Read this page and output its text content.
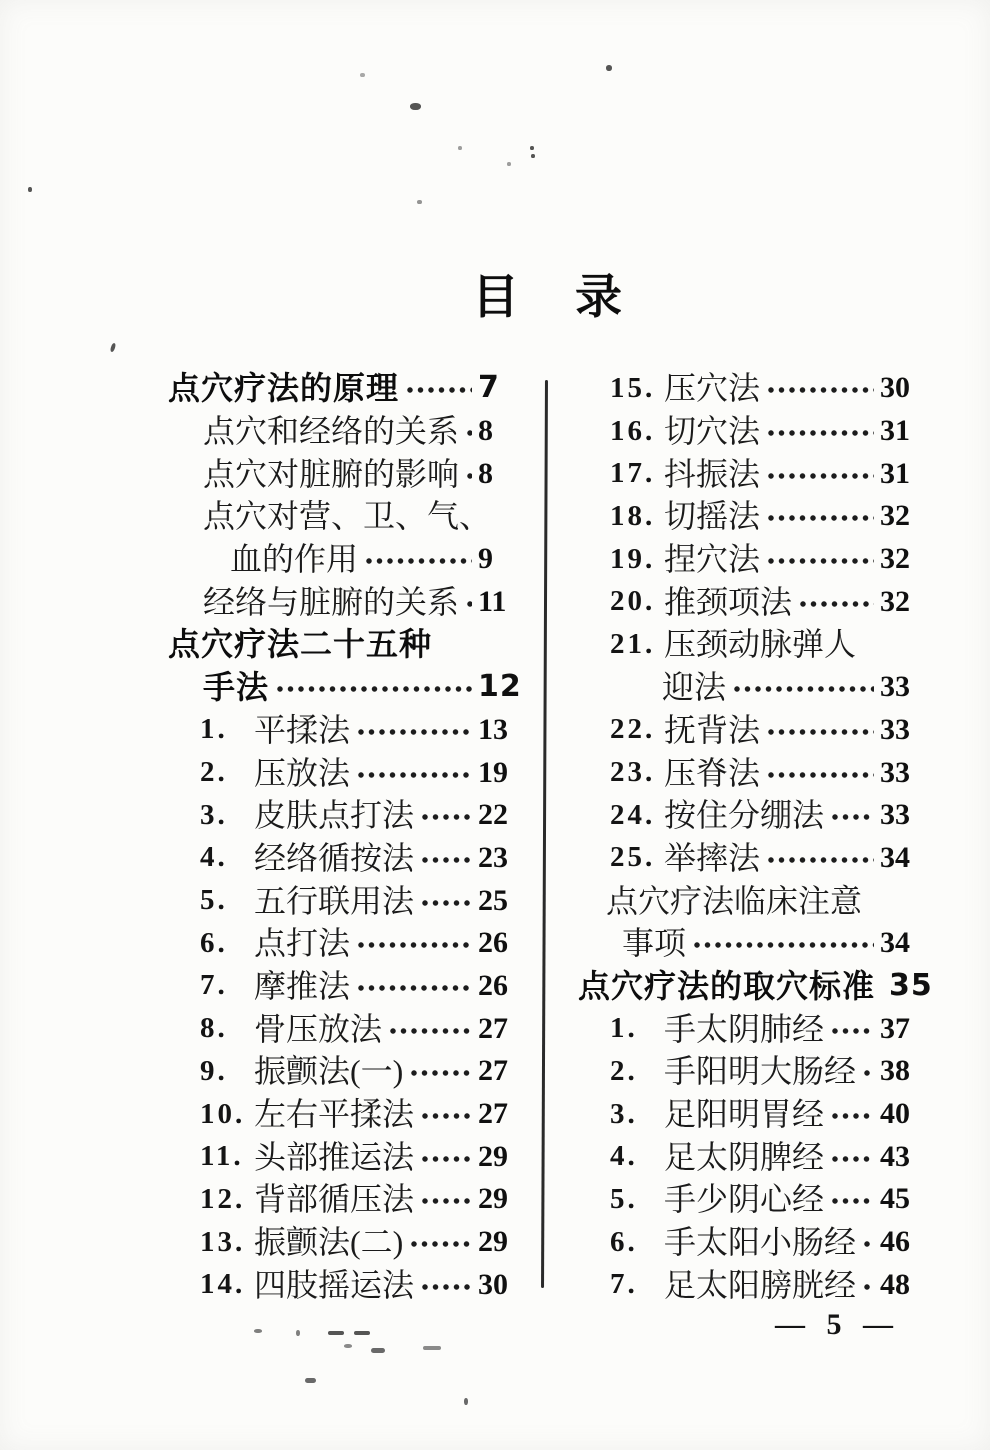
目 录
点穴疗法的原理	7
点穴和经络的关系 8
点穴对脏腑的影响 8
点穴对营、卫、气、
血的作用	9
经络与脏腑的关系 11
点穴疗法二十五种
手法	12
1. 平揉法	13
2. 压放法	19
3. 皮肤点打法 22
4. 经络循按法 23
5. 五行联用法 25
6. 点打法	26
7. 摩推法	26
8. 骨压放法	27
9. 振颤法(一) 27
10. 左右平揉法 27
11. 头部推运法 29
12. 背部循压法 29
13. 振颤法(二) 29
14. 四肢摇运法 30
15. 压穴法	30
16. 切穴法	31
17. 抖振法	31
18. 切摇法	32
19. 捏穴法	32
20. 推颈项法	32
21. 压颈动脉弹人
迎法	33
22. 抚背法	33
23. 压脊法	33
24. 按住分绷法 33
25. 举摔法	34
点穴疗法临床注意
事项	34
点穴疗法的取穴标准 35
1. 手太阴肺经 37
2. 手阳明大肠经 38
3. 足阳明胃经 40
4. 足太阴脾经 43
5. 手少阴心经 45
6. 手太阳小肠经 46
7. 足太阳膀胱经 48
— 5 —
